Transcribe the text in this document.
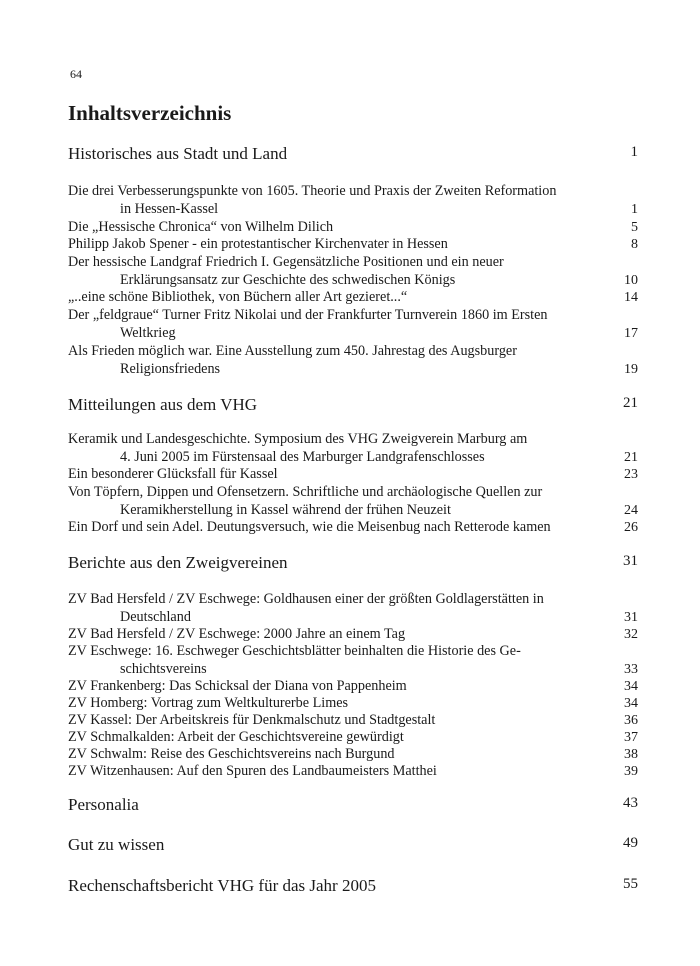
64
Inhaltsverzeichnis
Historisches aus Stadt und Land	1
Die drei Verbesserungspunkte von 1605. Theorie und Praxis der Zweiten Reformation
in Hessen-Kassel	1
Die „Hessische Chronica“ von Wilhelm Dilich	5
Philipp Jakob Spener - ein protestantischer Kirchenvater in Hessen	8
Der hessische Landgraf Friedrich I. Gegensätzliche Positionen und ein neuer
Erklärungsansatz zur Geschichte des schwedischen Königs	10
„..eine schöne Bibliothek, von Büchern aller Art gezieret...“	14
Der „feldgraue“ Turner Fritz Nikolai und der Frankfurter Turnverein 1860 im Ersten
Weltkrieg	17
Als Frieden möglich war. Eine Ausstellung zum 450. Jahrestag des Augsburger
Religionsfriedens	19
Mitteilungen aus dem VHG	21
Keramik und Landesgeschichte. Symposium des VHG Zweigverein Marburg am
4. Juni 2005 im Fürstensaal des Marburger Landgrafenschlosses	21
Ein besonderer Glücksfall für Kassel	23
Von Töpfern, Dippen und Ofensetzern. Schriftliche und archäologische Quellen zur
Keramikherstellung in Kassel während der frühen Neuzeit	24
Ein Dorf und sein Adel. Deutungsversuch, wie die Meisenbug nach Retterode kamen	26
Berichte aus den Zweigvereinen	31
ZV Bad Hersfeld / ZV Eschwege: Goldhausen einer der größten Goldlagerstätten in
Deutschland	31
ZV Bad Hersfeld / ZV Eschwege: 2000 Jahre an einem Tag	32
ZV Eschwege: 16. Eschweger Geschichtsblätter beinhalten die Historie des Ge-
schichtsvereins	33
ZV Frankenberg: Das Schicksal der Diana von Pappenheim	34
ZV Homberg: Vortrag zum Weltkulturerbe Limes	34
ZV Kassel: Der Arbeitskreis für Denkmalschutz und Stadtgestalt	36
ZV Schmalkalden: Arbeit der Geschichtsvereine gewürdigt	37
ZV Schwalm: Reise des Geschichtsvereins nach Burgund	38
ZV Witzenhausen: Auf den Spuren des Landbaumeisters Matthei	39
Personalia	43
Gut zu wissen	49
Rechenschaftsbericht VHG für das Jahr 2005	55
